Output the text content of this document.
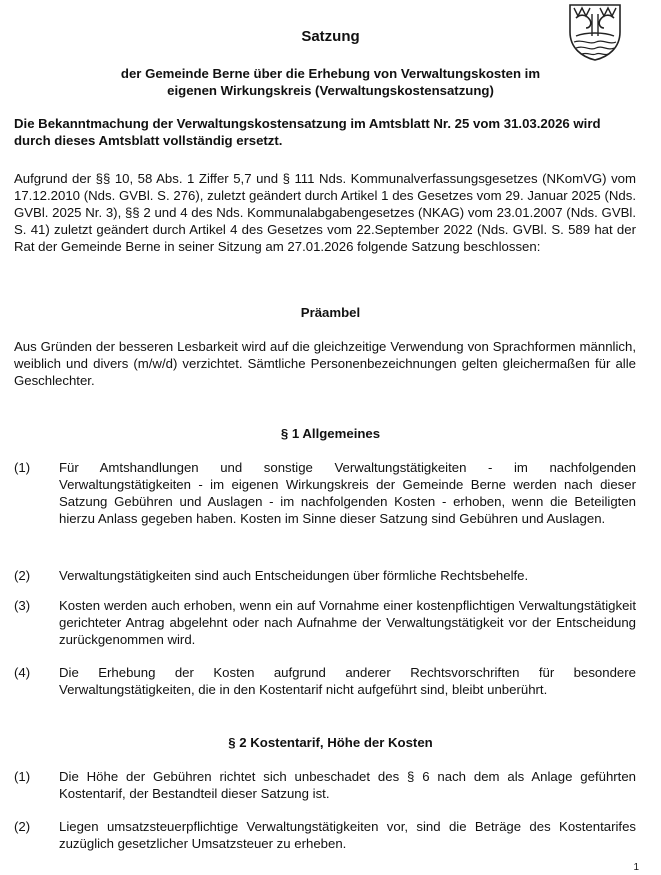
Satzung
der Gemeinde Berne über die Erhebung von Verwaltungskosten im eigenen Wirkungskreis (Verwaltungskostensatzung)
Die Bekanntmachung der Verwaltungskostensatzung im Amtsblatt Nr. 25 vom 31.03.2026 wird durch dieses Amtsblatt vollständig ersetzt.
Aufgrund der §§ 10, 58 Abs. 1 Ziffer 5,7 und § 111 Nds. Kommunalverfassungsgesetzes (NKomVG) vom 17.12.2010 (Nds. GVBl. S. 276), zuletzt geändert durch Artikel 1 des Gesetzes vom 29. Januar 2025 (Nds. GVBl. 2025 Nr. 3), §§ 2 und 4 des Nds. Kommunalabgabengesetzes (NKAG) vom 23.01.2007 (Nds. GVBl. S. 41) zuletzt geändert durch Artikel 4 des Gesetzes vom 22.September 2022 (Nds. GVBl. S. 589 hat der Rat der Gemeinde Berne in seiner Sitzung am 27.01.2026 folgende Satzung beschlossen:
Präambel
Aus Gründen der besseren Lesbarkeit wird auf die gleichzeitige Verwendung von Sprachformen männlich, weiblich und divers (m/w/d) verzichtet. Sämtliche Personenbezeichnungen gelten gleichermaßen für alle Geschlechter.
§ 1 Allgemeines
(1) Für Amtshandlungen und sonstige Verwaltungstätigkeiten - im nachfolgenden Verwaltungstätigkeiten - im eigenen Wirkungskreis der Gemeinde Berne werden nach dieser Satzung Gebühren und Auslagen - im nachfolgenden Kosten - erhoben, wenn die Beteiligten hierzu Anlass gegeben haben. Kosten im Sinne dieser Satzung sind Gebühren und Auslagen.
(2) Verwaltungstätigkeiten sind auch Entscheidungen über förmliche Rechtsbehelfe.
(3) Kosten werden auch erhoben, wenn ein auf Vornahme einer kostenpflichtigen Verwaltungstätigkeit gerichteter Antrag abgelehnt oder nach Aufnahme der Verwaltungstätigkeit vor der Entscheidung zurückgenommen wird.
(4) Die Erhebung der Kosten aufgrund anderer Rechtsvorschriften für besondere Verwaltungstätigkeiten, die in den Kostentarif nicht aufgeführt sind, bleibt unberührt.
§ 2 Kostentarif, Höhe der Kosten
(1) Die Höhe der Gebühren richtet sich unbeschadet des § 6 nach dem als Anlage geführten Kostentarif, der Bestandteil dieser Satzung ist.
(2) Liegen umsatzsteuerpflichtige Verwaltungstätigkeiten vor, sind die Beträge des Kostentarifes zuzüglich gesetzlicher Umsatzsteuer zu erheben.
1
